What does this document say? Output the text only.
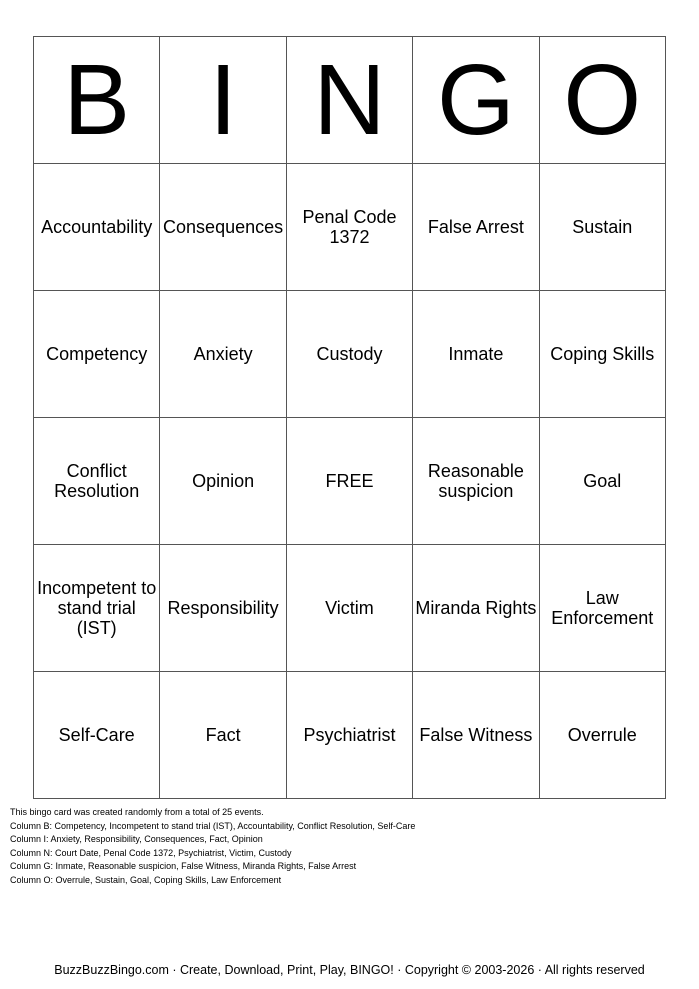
B	I	N	G	O
Accountability	Consequences	Penal Code 1372	False Arrest	Sustain
Competency	Anxiety	Custody	Inmate	Coping Skills
Conflict Resolution	Opinion	FREE	Reasonable suspicion	Goal
Incompetent to stand trial (IST)	Responsibility	Victim	Miranda Rights	Law Enforcement
Self-Care	Fact	Psychiatrist	False Witness	Overrule
This bingo card was created randomly from a total of 25 events.
Column B: Competency, Incompetent to stand trial (IST), Accountability, Conflict Resolution, Self-Care
Column I: Anxiety, Responsibility, Consequences, Fact, Opinion
Column N: Court Date, Penal Code 1372, Psychiatrist, Victim, Custody
Column G: Inmate, Reasonable suspicion, False Witness, Miranda Rights, False Arrest
Column O: Overrule, Sustain, Goal, Coping Skills, Law Enforcement
BuzzBuzzBingo.com · Create, Download, Print, Play, BINGO! · Copyright © 2003-2026 · All rights reserved
